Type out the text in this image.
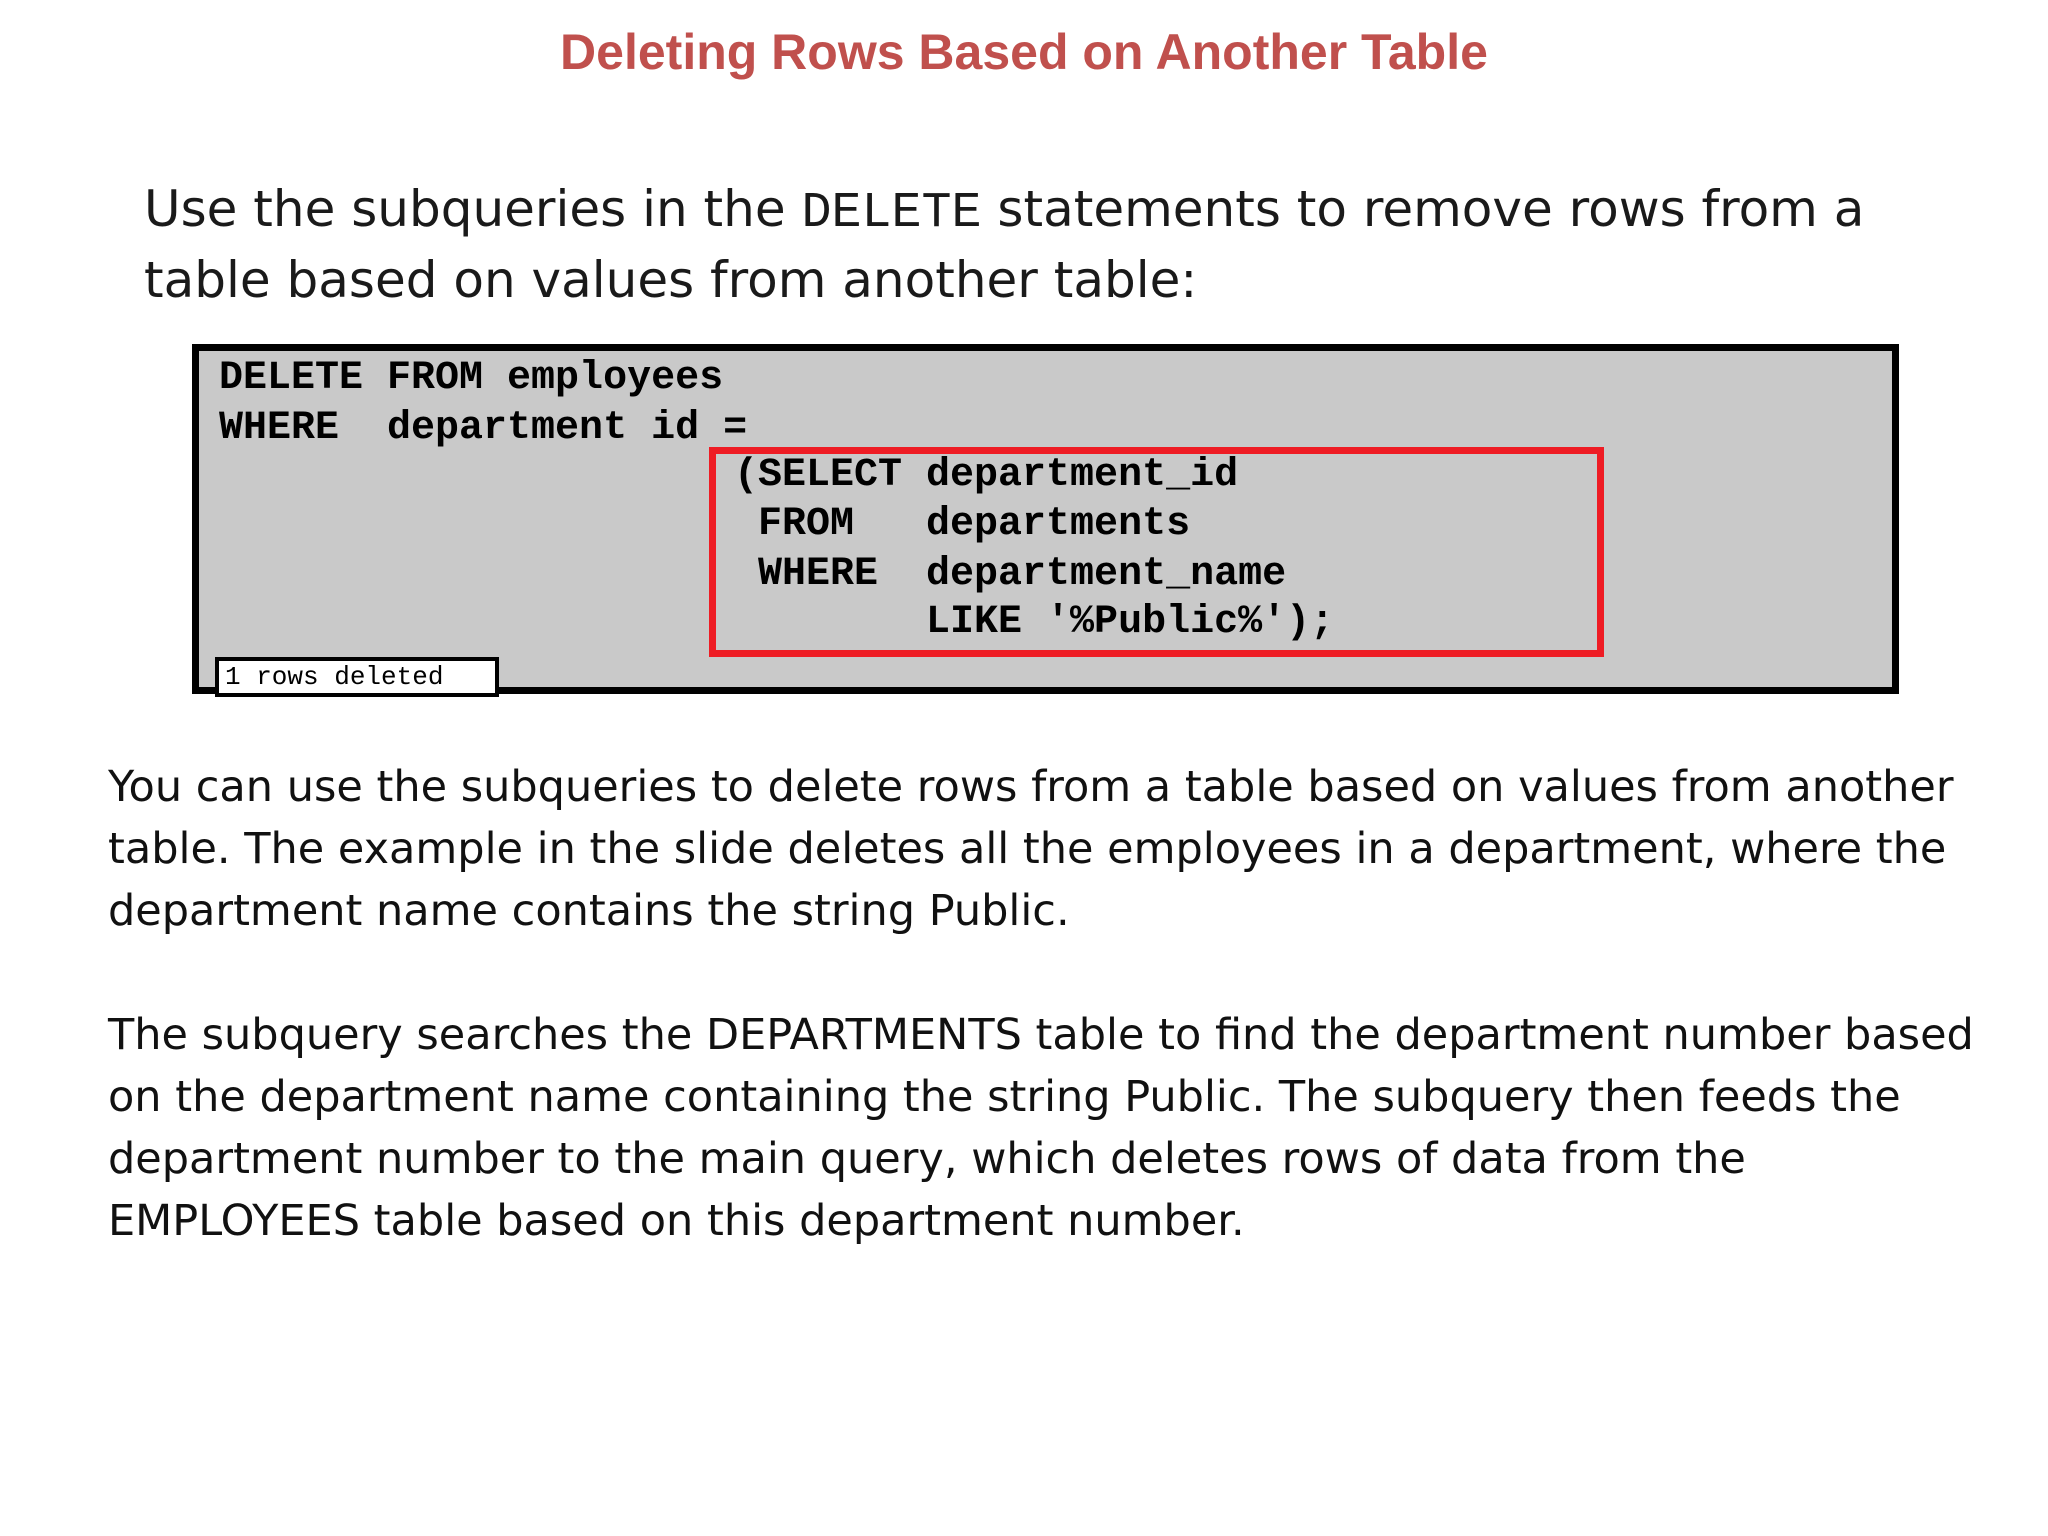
Deleting Rows Based on Another Table
Use the subqueries in the DELETE statements to remove rows from a table based on values from another table:
DELETE FROM employees
WHERE  department id =
(SELECT department_id
FROM   departments
WHERE  department_name
LIKE '%Public%');
1 rows deleted
You can use the subqueries to delete rows from a table based on values from another table. The example in the slide deletes all the employees in a department, where the department name contains the string Public.
The subquery searches the DEPARTMENTS table to find the department number based on the department name containing the string Public. The subquery then feeds the department number to the main query, which deletes rows of data from the EMPLOYEES table based on this department number.
